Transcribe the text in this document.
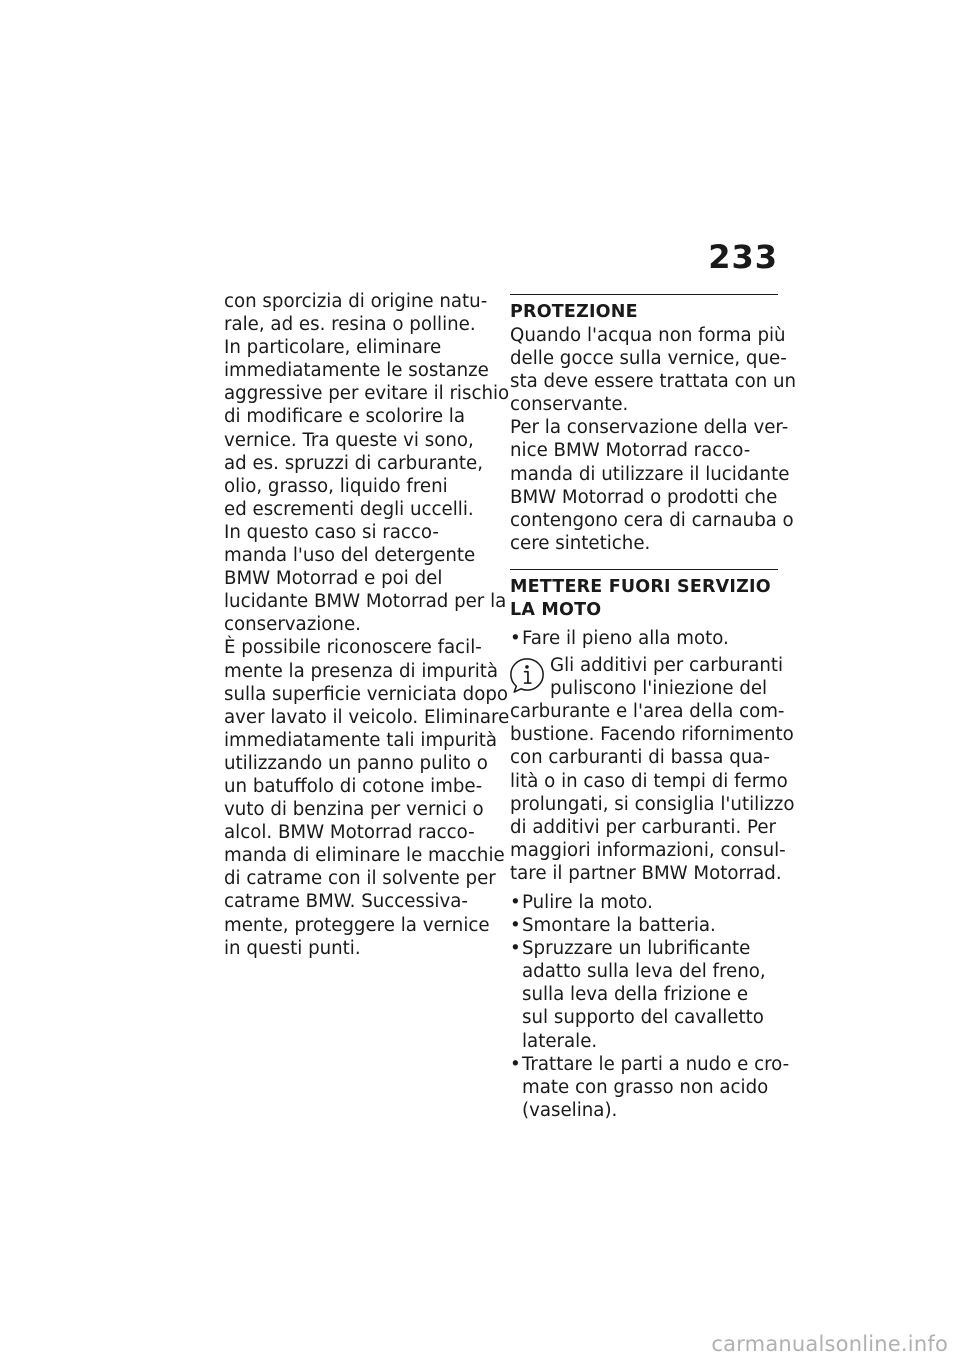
233
con sporcizia di origine natu-
rale, ad es. resina o polline.
In particolare, eliminare
immediatamente le sostanze
aggressive per evitare il rischio
di modificare e scolorire la
vernice. Tra queste vi sono,
ad es. spruzzi di carburante,
olio, grasso, liquido freni
ed escrementi degli uccelli.
In questo caso si racco-
manda l'uso del detergente
BMW Motorrad e poi del
lucidante BMW Motorrad per la
conservazione.
È possibile riconoscere facil-
mente la presenza di impurità
sulla superficie verniciata dopo
aver lavato il veicolo. Eliminare
immediatamente tali impurità
utilizzando un panno pulito o
un batuffolo di cotone imbe-
vuto di benzina per vernici o
alcol. BMW Motorrad racco-
manda di eliminare le macchie
di catrame con il solvente per
catrame BMW. Successiva-
mente, proteggere la vernice
in questi punti.
PROTEZIONE
Quando l'acqua non forma più
delle gocce sulla vernice, que-
sta deve essere trattata con un
conservante.
Per la conservazione della ver-
nice BMW Motorrad racco-
manda di utilizzare il lucidante
BMW Motorrad o prodotti che
contengono cera di carnauba o
cere sintetiche.
METTERE FUORI SERVIZIO
LA MOTO
• Fare il pieno alla moto.
Gli additivi per carburanti
puliscono l'iniezione del
carburante e l'area della com-
bustione. Facendo rifornimento
con carburanti di bassa qua-
lità o in caso di tempi di fermo
prolungati, si consiglia l'utilizzo
di additivi per carburanti. Per
maggiori informazioni, consul-
tare il partner BMW Motorrad.
• Pulire la moto.
• Smontare la batteria.
• Spruzzare un lubrificante
adatto sulla leva del freno,
sulla leva della frizione e
sul supporto del cavalletto
laterale.
• Trattare le parti a nudo e cro-
mate con grasso non acido
(vaselina).
carmanualsonline.info
